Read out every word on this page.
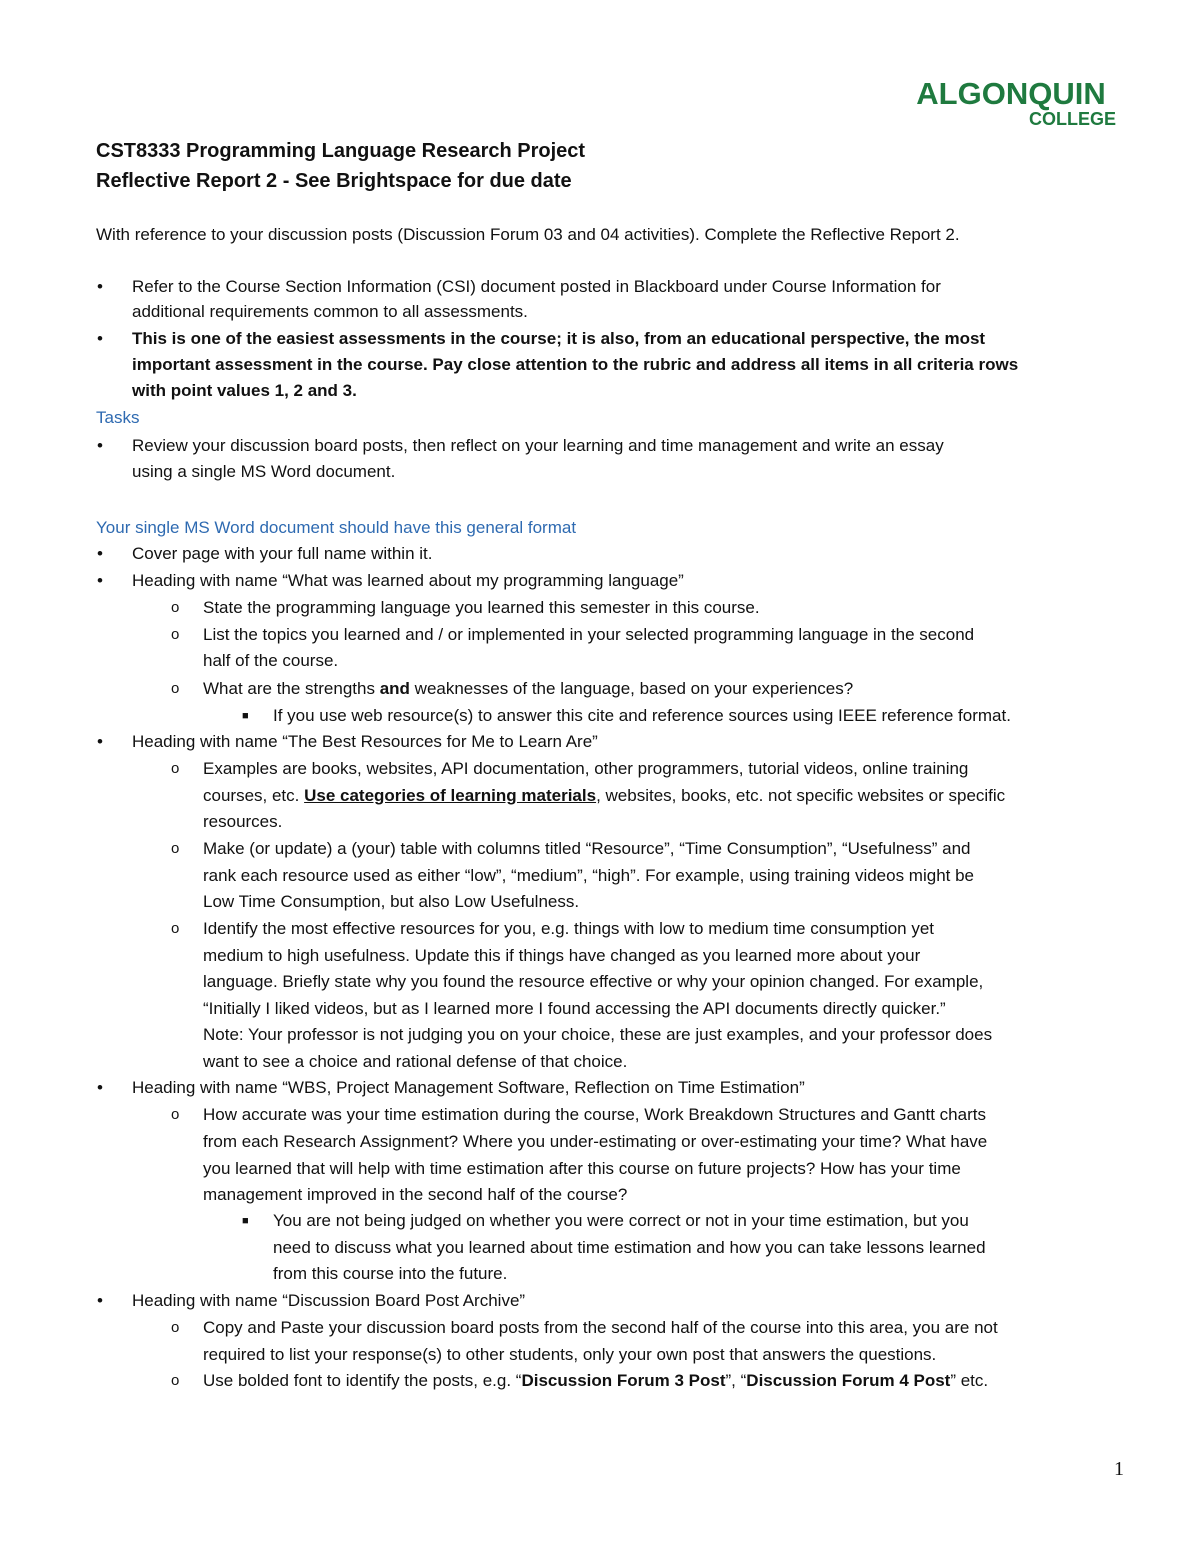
ALGONQUIN
COLLEGE
CST8333 Programming Language Research Project
Reflective Report 2 - See Brightspace for due date
With reference to your discussion posts (Discussion Forum 03 and 04 activities). Complete the Reflective Report 2.
• Refer to the Course Section Information (CSI) document posted in Blackboard under Course Information for
additional requirements common to all assessments.
• This is one of the easiest assessments in the course; it is also, from an educational perspective, the most
important assessment in the course. Pay close attention to the rubric and address all items in all criteria rows
with point values 1, 2 and 3.
Tasks
• Review your discussion board posts, then reflect on your learning and time management and write an essay
using a single MS Word document.
Your single MS Word document should have this general format
• Cover page with your full name within it.
• Heading with name “What was learned about my programming language”
o State the programming language you learned this semester in this course.
o List the topics you learned and / or implemented in your selected programming language in the second
half of the course.
o What are the strengths and weaknesses of the language, based on your experiences?
■ If you use web resource(s) to answer this cite and reference sources using IEEE reference format.
• Heading with name “The Best Resources for Me to Learn Are”
o Examples are books, websites, API documentation, other programmers, tutorial videos, online training
courses, etc. Use categories of learning materials, websites, books, etc. not specific websites or specific
resources.
o Make (or update) a (your) table with columns titled “Resource”, “Time Consumption”, “Usefulness” and
rank each resource used as either “low”, “medium”, “high”. For example, using training videos might be
Low Time Consumption, but also Low Usefulness.
o Identify the most effective resources for you, e.g. things with low to medium time consumption yet
medium to high usefulness. Update this if things have changed as you learned more about your
language. Briefly state why you found the resource effective or why your opinion changed. For example,
“Initially I liked videos, but as I learned more I found accessing the API documents directly quicker.”
Note: Your professor is not judging you on your choice, these are just examples, and your professor does
want to see a choice and rational defense of that choice.
• Heading with name “WBS, Project Management Software, Reflection on Time Estimation”
o How accurate was your time estimation during the course, Work Breakdown Structures and Gantt charts
from each Research Assignment? Where you under-estimating or over-estimating your time? What have
you learned that will help with time estimation after this course on future projects? How has your time
management improved in the second half of the course?
■ You are not being judged on whether you were correct or not in your time estimation, but you
need to discuss what you learned about time estimation and how you can take lessons learned
from this course into the future.
• Heading with name “Discussion Board Post Archive”
o Copy and Paste your discussion board posts from the second half of the course into this area, you are not
required to list your response(s) to other students, only your own post that answers the questions.
o Use bolded font to identify the posts, e.g. “Discussion Forum 3 Post”, “Discussion Forum 4 Post” etc.
1
